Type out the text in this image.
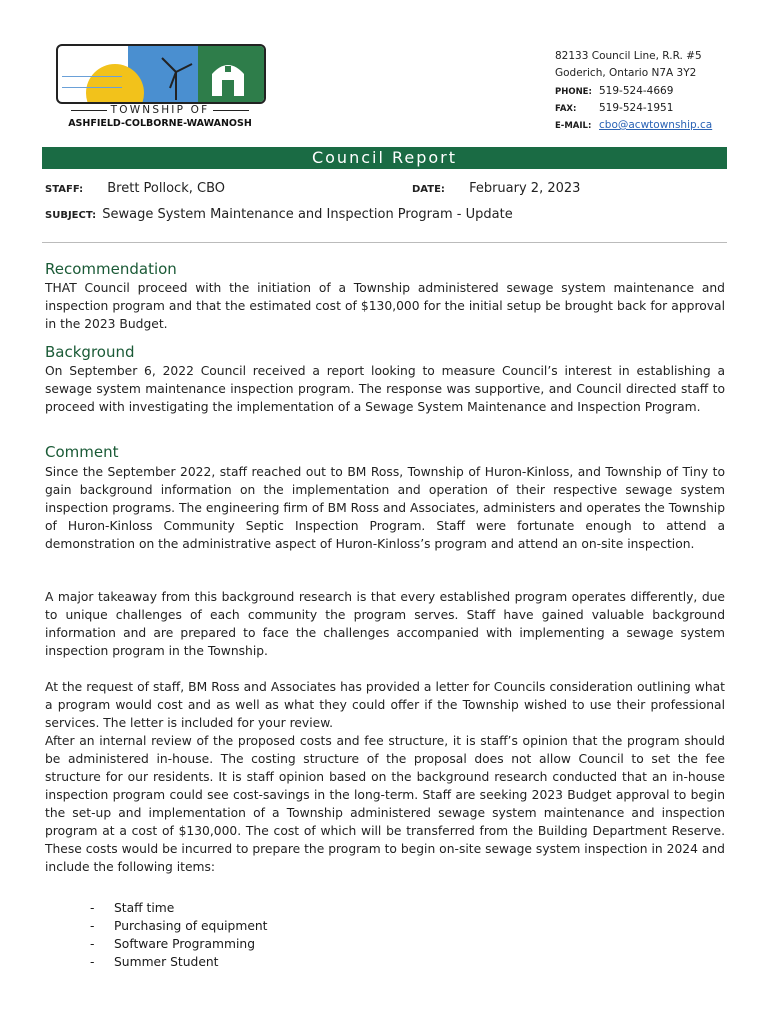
TOWNSHIP OF
ASHFIELD-COLBORNE-WAWANOSH
82133 Council Line, R.R. #5
Goderich, Ontario N7A 3Y2
PHONE: 519-524-4669
FAX: 519-524-1951
E-MAIL: cbo@acwtownship.ca
Council Report
STAFF: Brett Pollock, CBO	DATE: February 2, 2023
SUBJECT: Sewage System Maintenance and Inspection Program - Update
Recommendation

THAT Council proceed with the initiation of a Township administered sewage system maintenance and inspection program and that the estimated cost of $130,000 for the initial setup be brought back for approval in the 2023 Budget.

Background

On September 6, 2022 Council received a report looking to measure Council’s interest in establishing a sewage system maintenance inspection program. The response was supportive, and Council directed staff to proceed with investigating the implementation of a Sewage System Maintenance and Inspection Program.

Comment

Since the September 2022, staff reached out to BM Ross, Township of Huron-Kinloss, and Township of Tiny to gain background information on the implementation and operation of their respective sewage system inspection programs. The engineering firm of BM Ross and Associates, administers and operates the Township of Huron-Kinloss Community Septic Inspection Program. Staff were fortunate enough to attend a demonstration on the administrative aspect of Huron-Kinloss’s program and attend an on-site inspection.

A major takeaway from this background research is that every established program operates differently, due to unique challenges of each community the program serves. Staff have gained valuable background information and are prepared to face the challenges accompanied with implementing a sewage system inspection program in the Township.

At the request of staff, BM Ross and Associates has provided a letter for Councils consideration outlining what a program would cost and as well as what they could offer if the Township wished to use their professional services. The letter is included for your review.

After an internal review of the proposed costs and fee structure, it is staff’s opinion that the program should be administered in-house. The costing structure of the proposal does not allow Council to set the fee structure for our residents. It is staff opinion based on the background research conducted that an in-house inspection program could see cost-savings in the long-term. Staff are seeking 2023 Budget approval to begin the set-up and implementation of a Township administered sewage system maintenance and inspection program at a cost of $130,000. The cost of which will be transferred from the Building Department Reserve. These costs would be incurred to prepare the program to begin on-site sewage system inspection in 2024 and include the following items:

- Staff time
- Purchasing of equipment
- Software Programming
- Summer Student
